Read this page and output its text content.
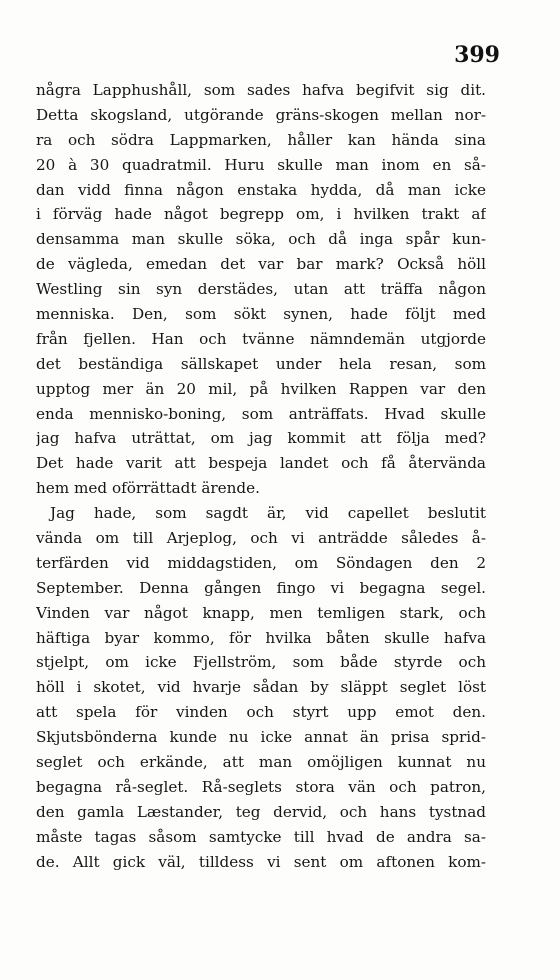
399
några Lapphushåll, som sades hafva begifvit sig dit.
Detta skogsland, utgörande gräns-skogen mellan nor-
ra och södra Lappmarken, håller kan hända sina
20 à 30 quadratmil. Huru skulle man inom en så-
dan vidd finna någon enstaka hydda, då man icke
i förväg hade något begrepp om, i hvilken trakt af
densamma man skulle söka, och då inga spår kun-
de vägleda, emedan det var bar mark? Också höll
Westling sin syn derstädes, utan att träffa någon
menniska. Den, som sökt synen, hade följt med
från fjellen. Han och tvänne nämndemän utgjorde
det beständiga sällskapet under hela resan, som
upptog mer än 20 mil, på hvilken Rappen var den
enda mennisko-boning, som anträffats. Hvad skulle
jag hafva uträttat, om jag kommit att följa med?
Det hade varit att bespeja landet och få återvända
hem med oförrättadt ärende.
Jag hade, som sagdt är, vid capellet beslutit
vända om till Arjeplog, och vi anträdde således å-
terfärden vid middagstiden, om Söndagen den 2
September. Denna gången fingo vi begagna segel.
Vinden var något knapp, men temligen stark, och
häftiga byar kommo, för hvilka båten skulle hafva
stjelpt, om icke Fjellström, som både styrde och
höll i skotet, vid hvarje sådan by släppt seglet löst
att spela för vinden och styrt upp emot den.
Skjutsbönderna kunde nu icke annat än prisa sprid-
seglet och erkände, att man omöjligen kunnat nu
begagna rå-seglet. Rå-seglets stora vän och patron,
den gamla Læstander, teg dervid, och hans tystnad
måste tagas såsom samtycke till hvad de andra sa-
de. Allt gick väl, tilldess vi sent om aftonen kom-
